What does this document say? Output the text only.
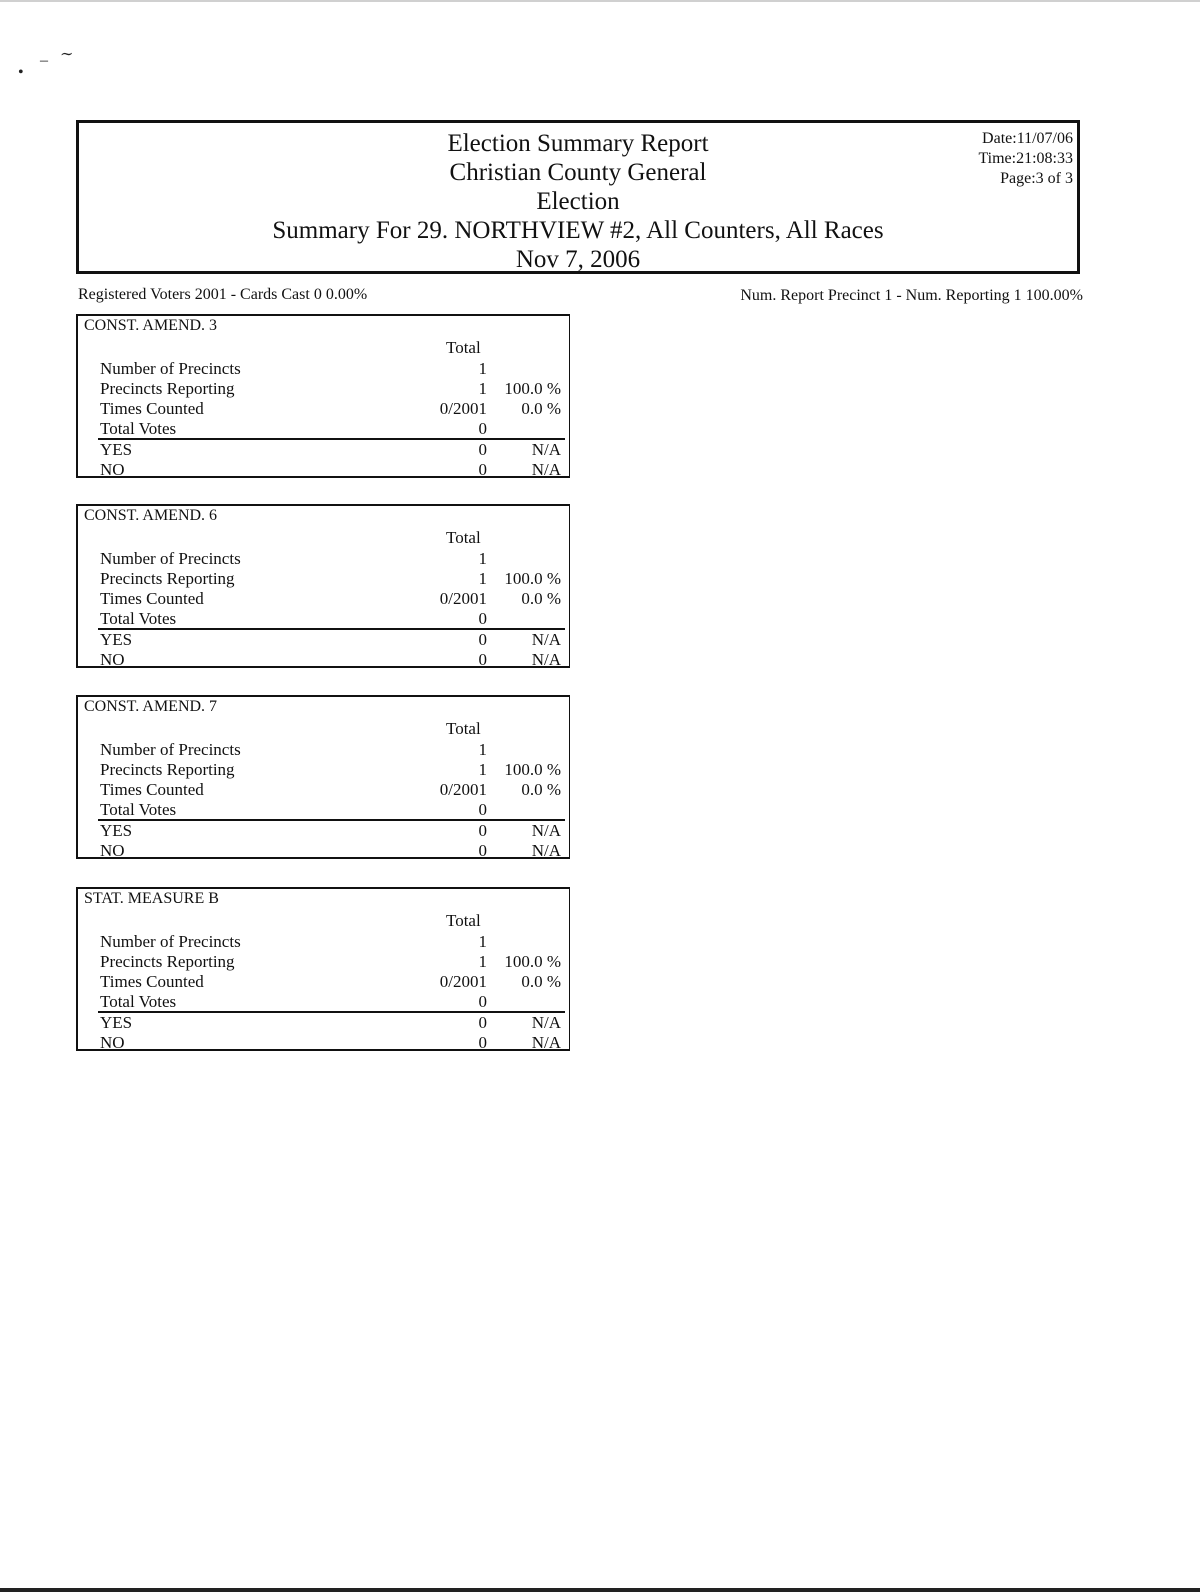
•
– ∼
Election Summary Report
Christian County General
Election
Summary For 29. NORTHVIEW #2, All Counters, All Races
Nov 7, 2006
Date:11/07/06
Time:21:08:33
Page:3 of 3
Registered Voters 2001 - Cards Cast 0 0.00%	Num. Report Precinct 1 - Num. Reporting 1 100.00%
CONST. AMEND. 3
Total
Number of Precincts	1
Precincts Reporting	1 100.0 %
Times Counted	0/2001 0.0 %
Total Votes	0
YES	0	N/A
NO	0	N/A
CONST. AMEND. 6
Total
Number of Precincts	1
Precincts Reporting	1 100.0 %
Times Counted	0/2001 0.0 %
Total Votes	0
YES	0	N/A
NO	0	N/A
CONST. AMEND. 7
Total
Number of Precincts	1
Precincts Reporting	1 100.0 %
Times Counted	0/2001 0.0 %
Total Votes	0
YES	0	N/A
NO	0	N/A
STAT. MEASURE B
Total
Number of Precincts	1
Precincts Reporting	1 100.0 %
Times Counted	0/2001 0.0 %
Total Votes	0
YES	0	N/A
NO	0	N/A
